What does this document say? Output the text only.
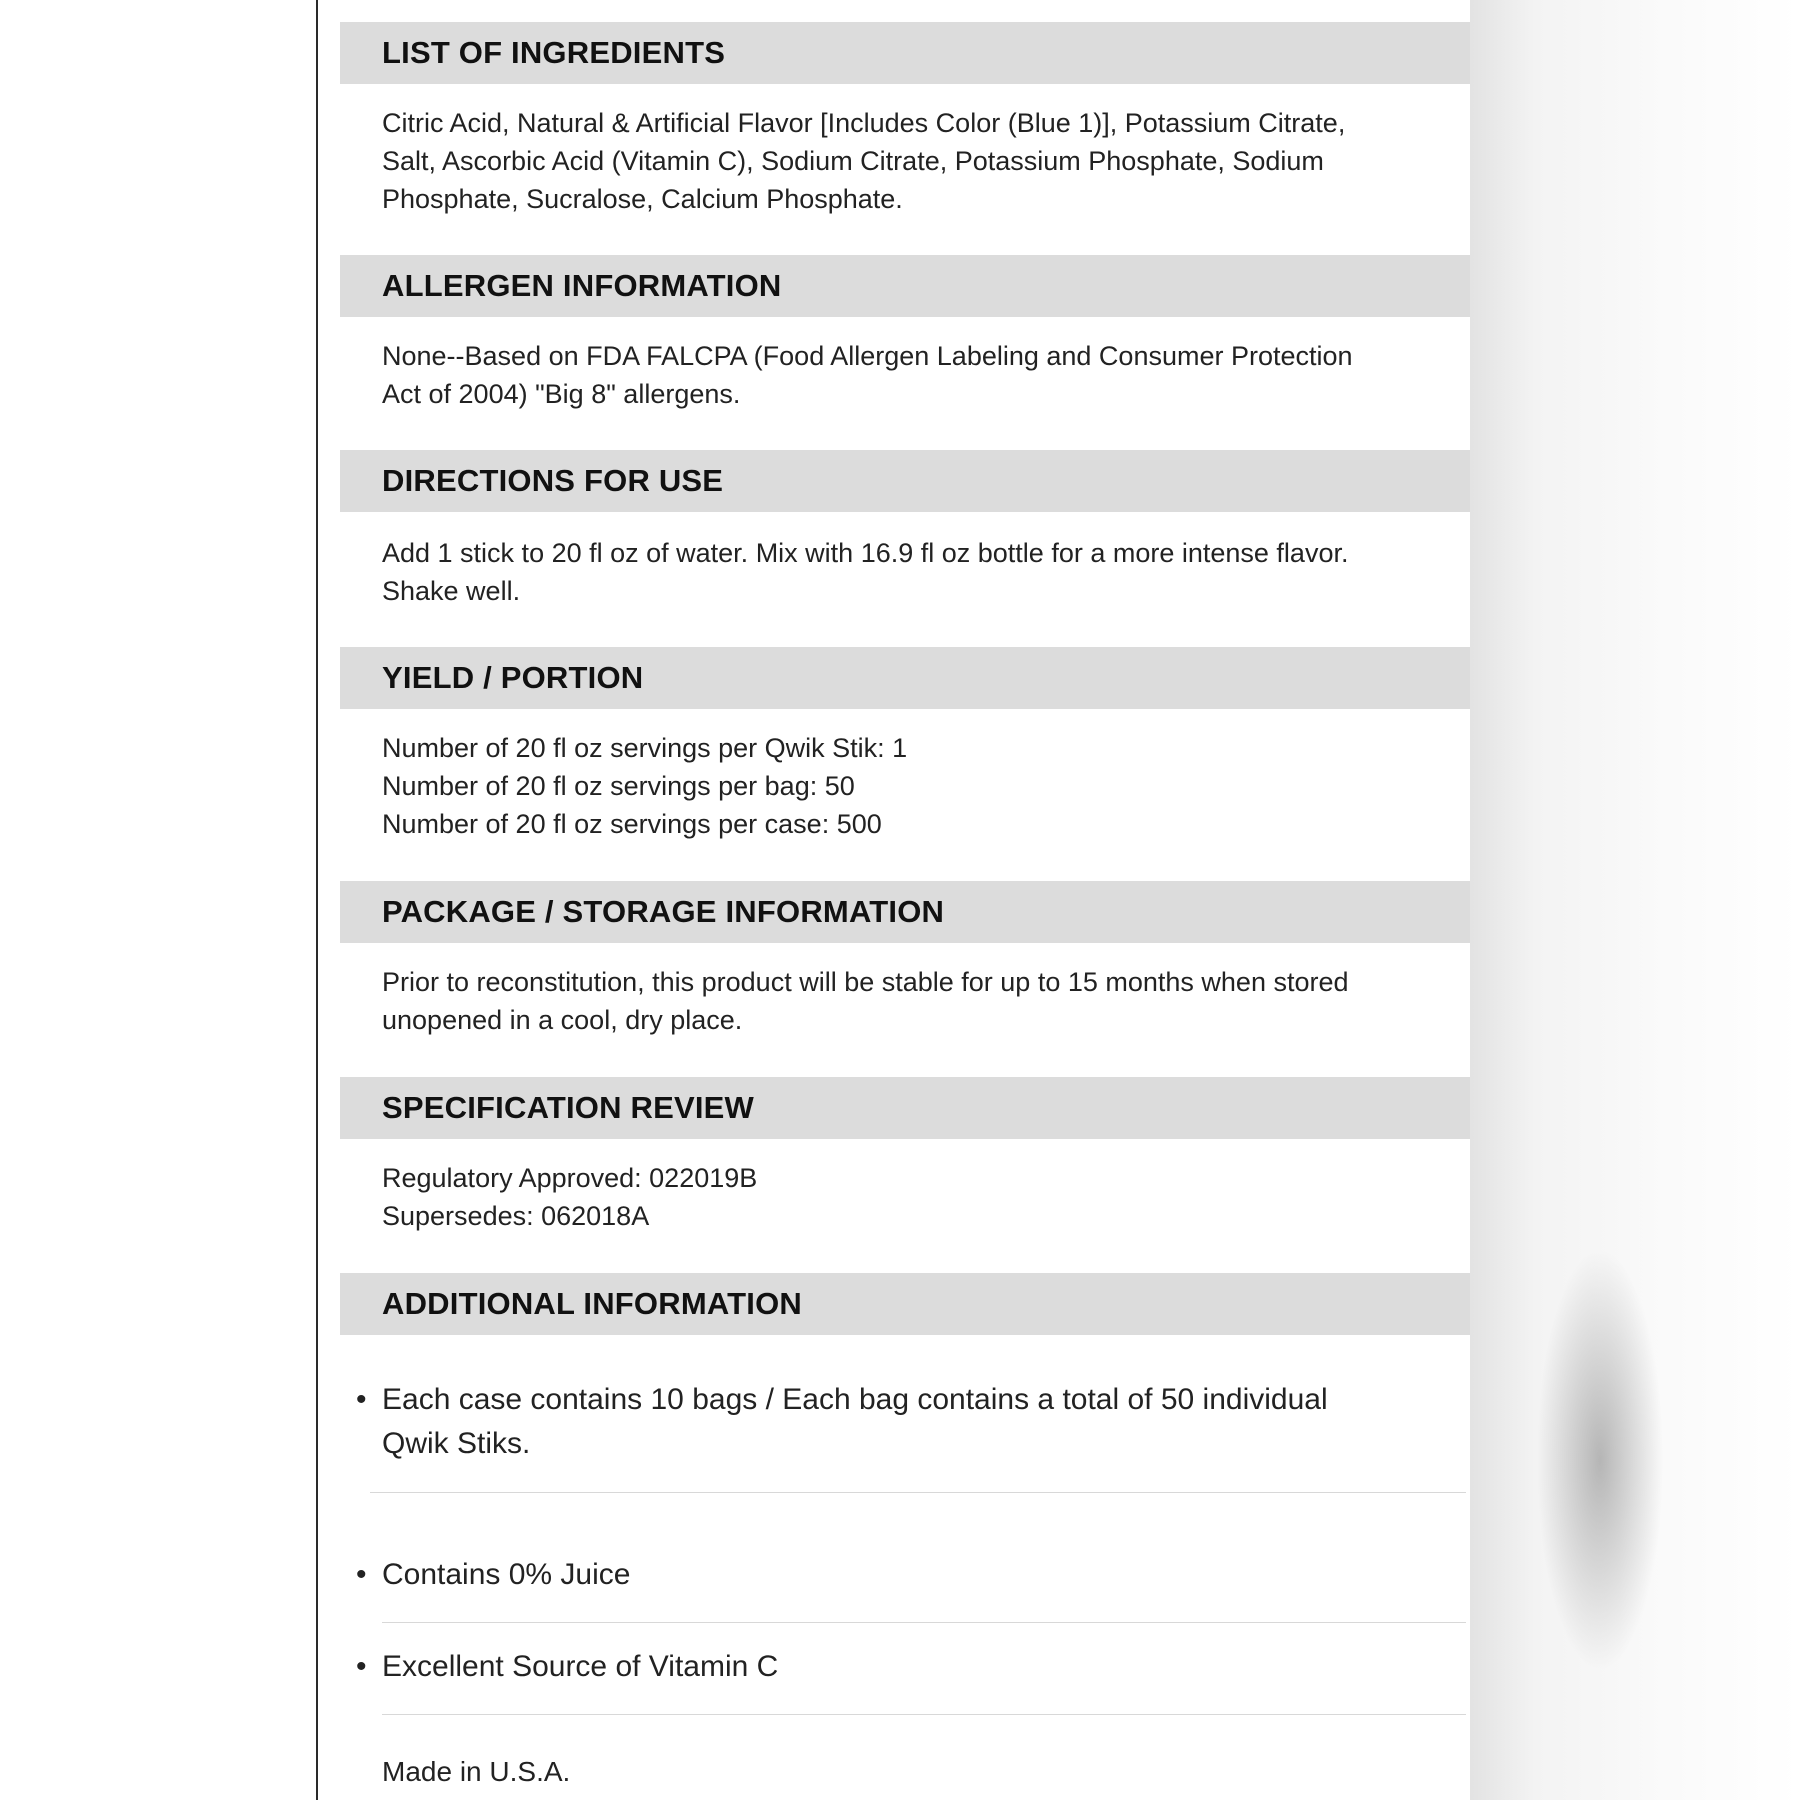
LIST OF INGREDIENTS
Citric Acid, Natural & Artificial Flavor [Includes Color (Blue 1)], Potassium Citrate,
Salt, Ascorbic Acid (Vitamin C), Sodium Citrate, Potassium Phosphate, Sodium
Phosphate, Sucralose, Calcium Phosphate.
ALLERGEN INFORMATION
None--Based on FDA FALCPA (Food Allergen Labeling and Consumer Protection
Act of 2004) "Big 8" allergens.
DIRECTIONS FOR USE
Add 1 stick to 20 fl oz of water. Mix with 16.9 fl oz bottle for a more intense flavor.
Shake well.
YIELD / PORTION
Number of 20 fl oz servings per Qwik Stik: 1
Number of 20 fl oz servings per bag: 50
Number of 20 fl oz servings per case: 500
PACKAGE / STORAGE INFORMATION
Prior to reconstitution, this product will be stable for up to 15 months when stored
unopened in a cool, dry place.
SPECIFICATION REVIEW
Regulatory Approved: 022019B
Supersedes: 062018A
ADDITIONAL INFORMATION
• Each case contains 10 bags / Each bag contains a total of 50 individual
Qwik Stiks.
• Contains 0% Juice
• Excellent Source of Vitamin C
Made in U.S.A.
